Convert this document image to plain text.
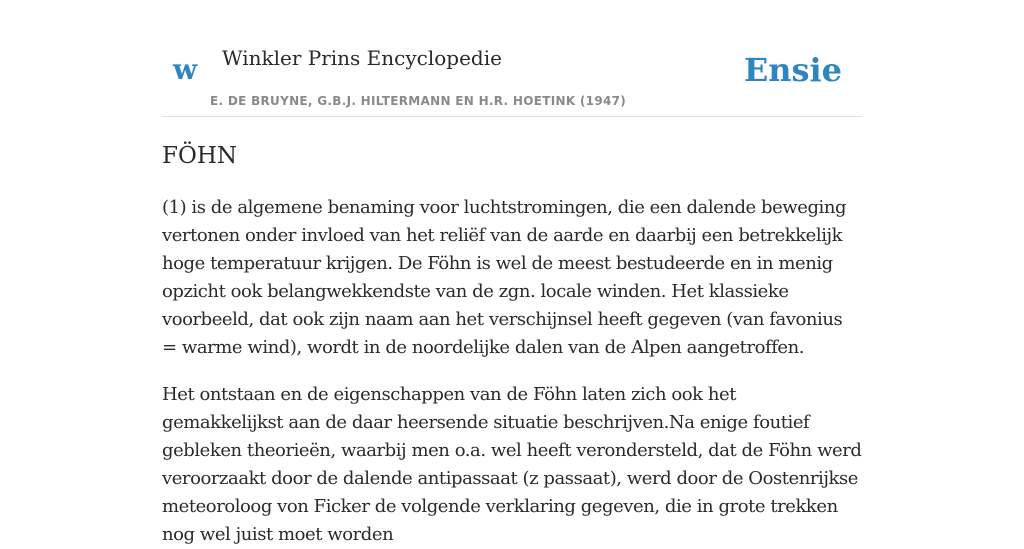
w Winkler Prins Encyclopedie
E. DE BRUYNE, G.B.J. HILTERMANN EN H.R. HOETINK (1947)
Ensie
FÖHN

(1) is de algemene benaming voor luchtstromingen, die een dalende beweging vertonen onder invloed van het reliëf van de aarde en daarbij een betrekkelijk hoge temperatuur krijgen. De Föhn is wel de meest bestudeerde en in menig opzicht ook belangwekkendste van de zgn. locale winden. Het klassieke voorbeeld, dat ook zijn naam aan het verschijnsel heeft gegeven (van favonius = warme wind), wordt in de noordelijke dalen van de Alpen aangetroffen.

Het ontstaan en de eigenschappen van de Föhn laten zich ook het gemakkelijkst aan de daar heersende situatie beschrijven.Na enige foutief gebleken theorieën, waarbij men o.a. wel heeft verondersteld, dat de Föhn werd veroorzaakt door de dalende antipassaat (z passaat), werd door de Oostenrijkse meteoroloog von Ficker de volgende verklaring gegeven, die in grote trekken nog wel juist moet worden
